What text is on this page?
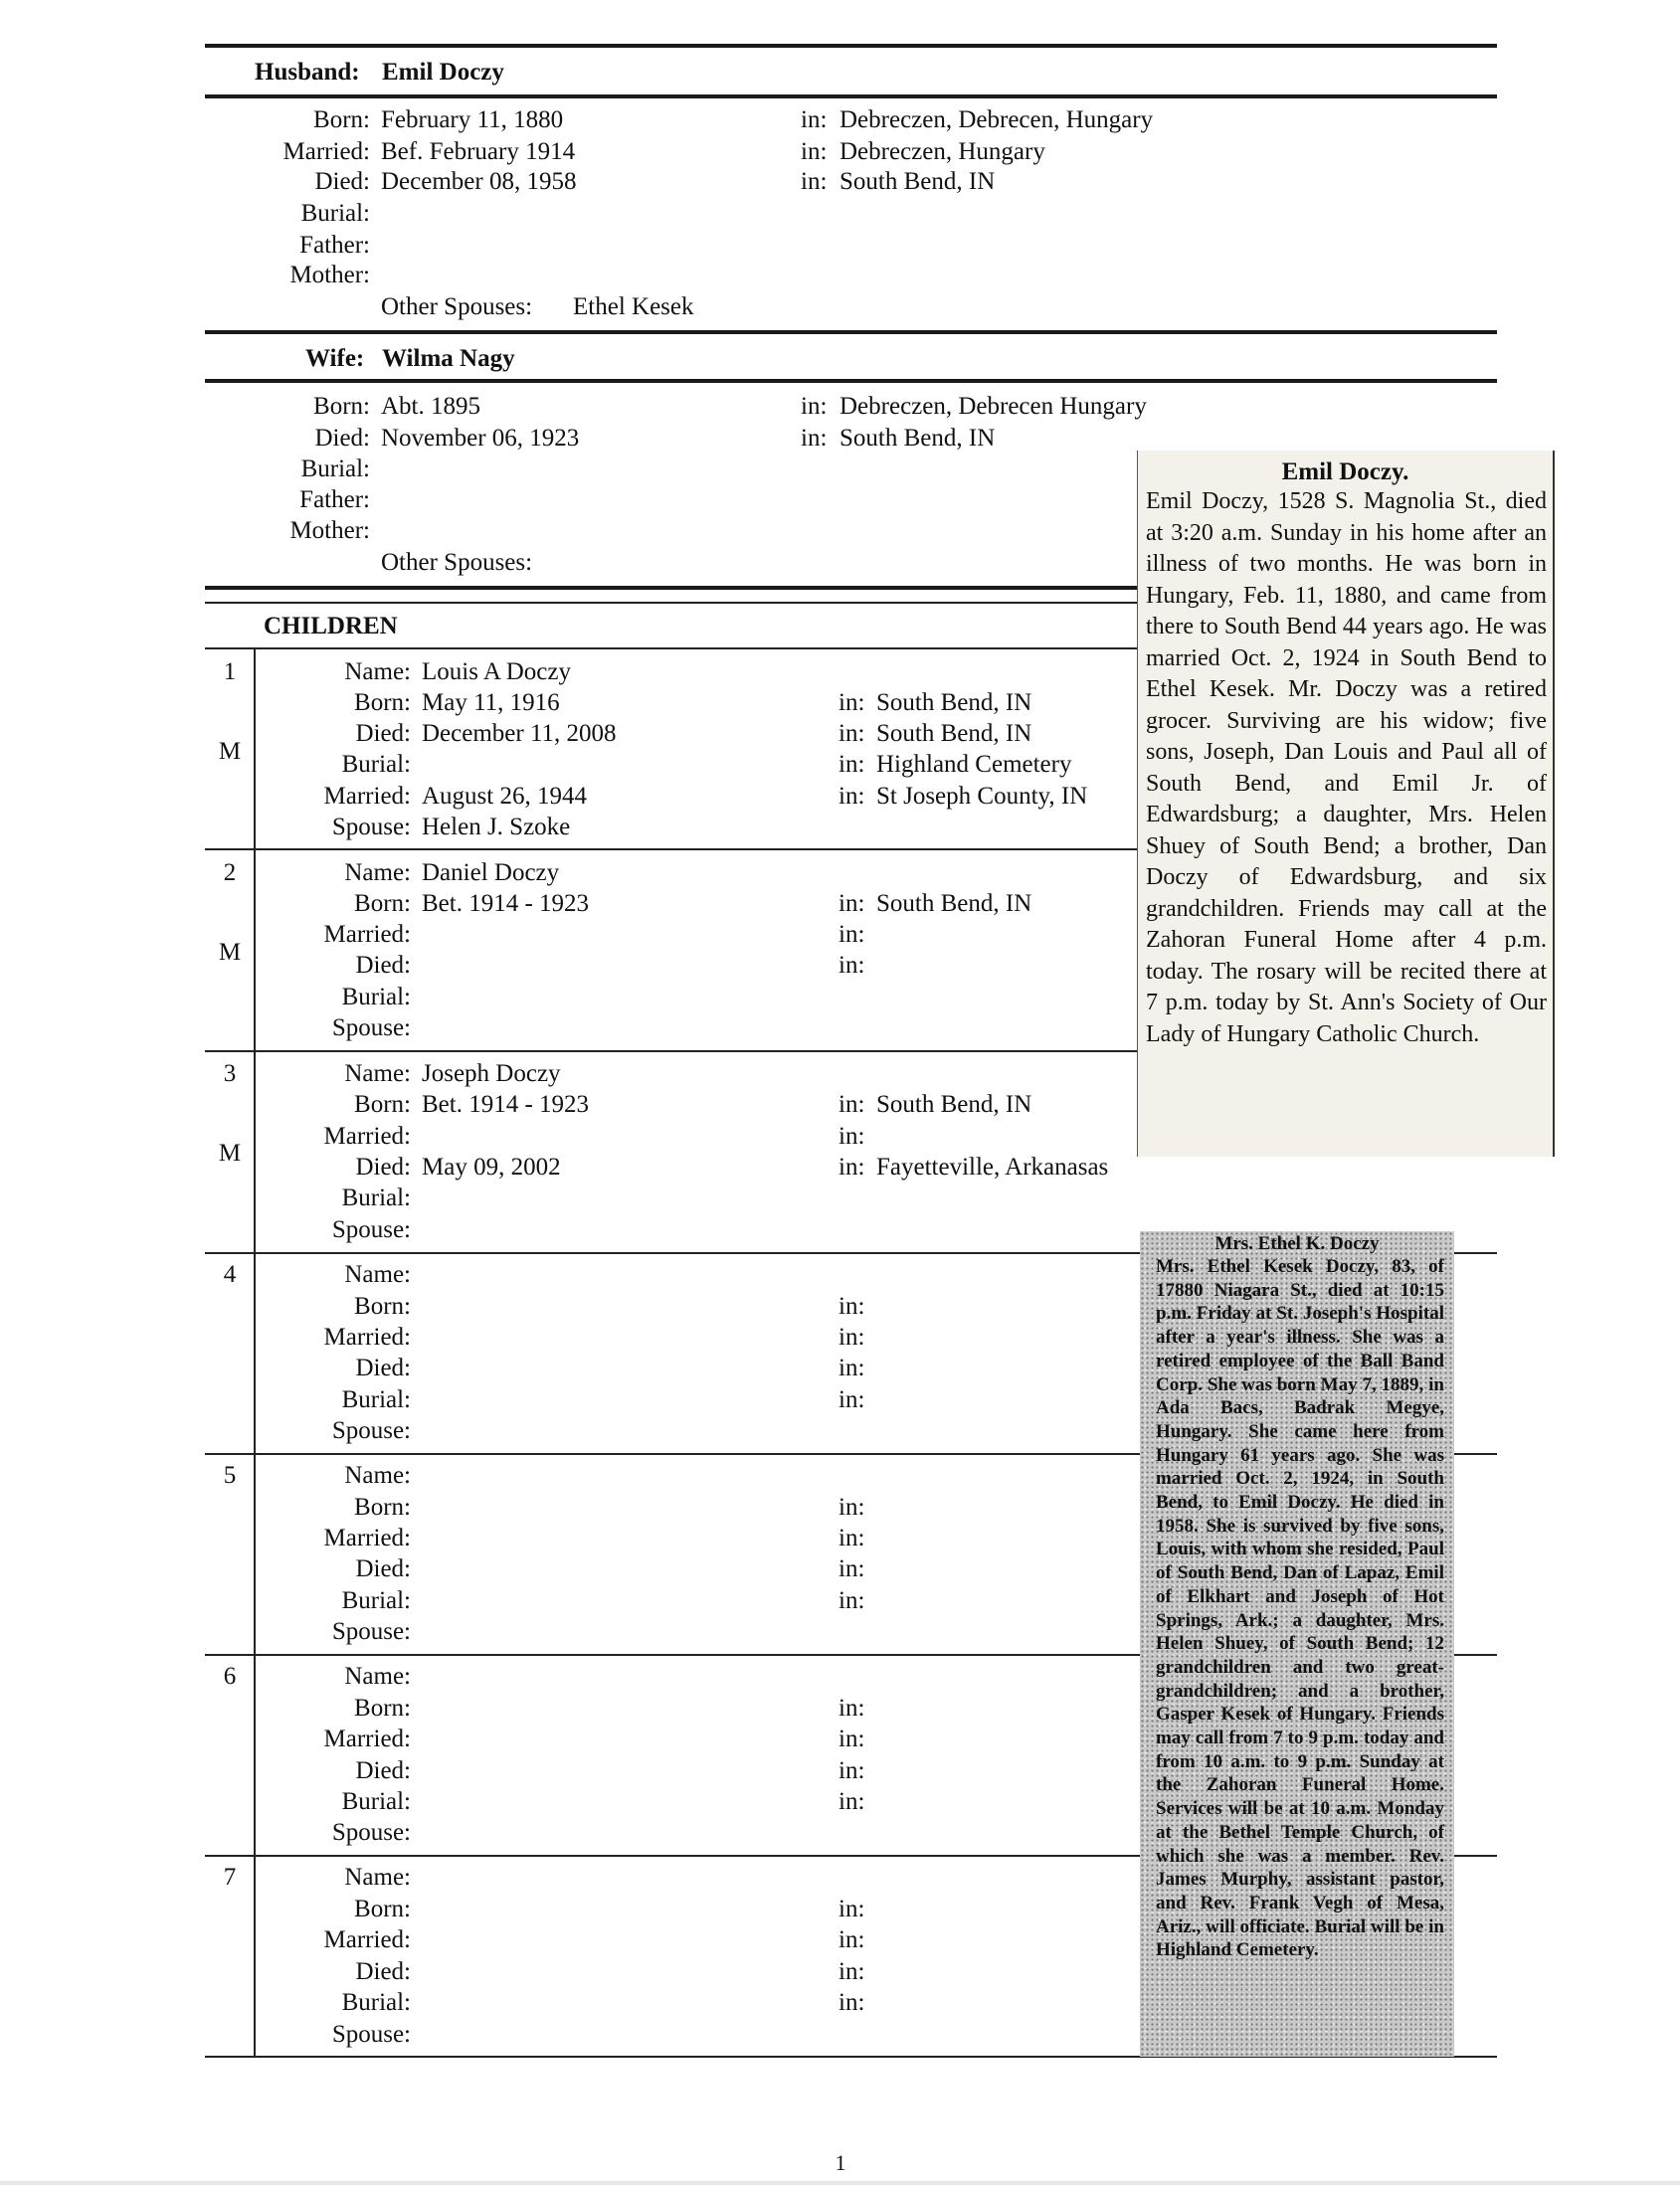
Husband: Emil Doczy
Born: February 11, 1880	in: Debreczen, Debrecen, Hungary
Married: Bef. February 1914	in: Debreczen, Hungary
Died: December 08, 1958	in: South Bend, IN
Burial:
Father:
Mother:
Other Spouses: Ethel Kesek
Wife: Wilma Nagy
Born: Abt. 1895	in: Debreczen, Debrecen Hungary
Died: November 06, 1923	in: South Bend, IN
Burial:
Father:
Mother:
Other Spouses:
CHILDREN
1
M
Name: Louis A Doczy
Born: May 11, 1916	in: South Bend, IN
Died: December 11, 2008	in: South Bend, IN
Burial:	in: Highland Cemetery
Married: August 26, 1944	in: St Joseph County, IN
Spouse: Helen J. Szoke
2
M
Name: Daniel Doczy
Born: Bet. 1914 - 1923	in: South Bend, IN
Married:	in:
Died:	in:
Burial:
Spouse:
3
M
Name: Joseph Doczy
Born: Bet. 1914 - 1923	in: South Bend, IN
Married:	in:
Died: May 09, 2002	in: Fayetteville, Arkanasas
Burial:
Spouse:
4	Name:
Born:	in:
Married:	in:
Died:	in:
Burial:	in:
Spouse:
5	Name:
Born:	in:
Married:	in:
Died:	in:
Burial:	in:
Spouse:
6	Name:
Born:	in:
Married:	in:
Died:	in:
Burial:	in:
Spouse:
7	Name:
Born:	in:
Married:	in:
Died:	in:
Burial:	in:
Spouse:
Emil Doczy.
Emil Doczy, 1528 S. Magnolia St., died at 3:20 a.m. Sunday in his home after an illness of two months. He was born in Hungary, Feb. 11, 1880, and came from there to South Bend 44 years ago. He was married Oct. 2, 1924 in South Bend to Ethel Kesek. Mr. Doczy was a retired grocer. Surviving are his widow; five sons, Joseph, Dan Louis and Paul all of South Bend, and Emil Jr. of Edwardsburg; a daughter, Mrs. Helen Shuey of South Bend; a brother, Dan Doczy of Edwardsburg, and six grandchildren. Friends may call at the Zahoran Funeral Home after 4 p.m. today. The rosary will be recited there at 7 p.m. today by St. Ann's Society of Our Lady of Hungary Catholic Church.
Mrs. Ethel K. Doczy
Mrs. Ethel Kesek Doczy, 83, of 17880 Niagara St., died at 10:15 p.m. Friday at St. Joseph's Hospital after a year's illness. She was a retired employee of the Ball Band Corp. She was born May 7, 1889, in Ada Bacs, Badrak Megye, Hungary. She came here from Hungary 61 years ago. She was married Oct. 2, 1924, in South Bend, to Emil Doczy. He died in 1958. She is survived by five sons, Louis, with whom she resided, Paul of South Bend, Dan of Lapaz, Emil of Elkhart and Joseph of Hot Springs, Ark.; a daughter, Mrs. Helen Shuey, of South Bend; 12 grandchildren and two great-grandchildren; and a brother, Gasper Kesek of Hungary. Friends may call from 7 to 9 p.m. today and from 10 a.m. to 9 p.m. Sunday at the Zahoran Funeral Home. Services will be at 10 a.m. Monday at the Bethel Temple Church, of which she was a member. Rev. James Murphy, assistant pastor, and Rev. Frank Vegh of Mesa, Ariz., will officiate. Burial will be in Highland Cemetery.
1
